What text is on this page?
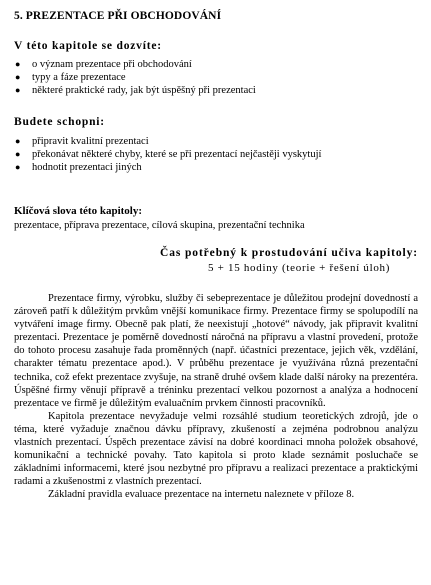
5. PREZENTACE PŘI OBCHODOVÁNÍ
V této kapitole se dozvíte:
● o význam prezentace při obchodování
● typy a fáze prezentace
● některé praktické rady, jak být úspěšný při prezentaci
Budete schopni:
● připravit kvalitní prezentaci
● překonávat některé chyby, které se při prezentací nejčastěji vyskytují
● hodnotit prezentaci jiných
Klíčová slova této kapitoly:

prezentace, příprava prezentace, cílová skupina, prezentační technika

Čas potřebný k prostudování učiva kapitoly:

5 + 15 hodiny (teorie + řešení úloh)

Prezentace firmy, výrobku, služby či sebeprezentace je důležitou prodejní dovedností a zároveň patří k důležitým prvkům vnější komunikace firmy. Prezentace firmy se spolupodílí na vytváření image firmy. Obecně pak platí, že neexistují „hotové“ návody, jak připravit kvalitní prezentaci. Prezentace je poměrně dovedností náročná na přípravu a vlastní provedení, protože do tohoto procesu zasahuje řada proměnných (např. účastníci prezentace, jejich věk, vzdělání, charakter tématu prezentace apod.). V průběhu prezentace je využívána různá prezentační technika, což efekt prezentace zvyšuje, na straně druhé ovšem klade další nároky na prezentéra. Úspěšné firmy věnují přípravě a tréninku prezentací velkou pozornost a analýza a hodnocení prezentace ve firmě je důležitým evaluačním prvkem činnosti pracovníků.

Kapitola prezentace nevyžaduje velmi rozsáhlé studium teoretických zdrojů, jde o téma, které vyžaduje značnou dávku přípravy, zkušeností a zejména podrobnou analýzu vlastních prezentací. Úspěch prezentace závisí na dobré koordinaci mnoha položek obsahové, komunikační a technické povahy. Tato kapitola si proto klade seznámit posluchače se základními informacemi, které jsou nezbytné pro přípravu a realizaci prezentace a praktickými radami a zkušenostmi z vlastních prezentací.

Základní pravidla evaluace prezentace na internetu naleznete v příloze 8.
